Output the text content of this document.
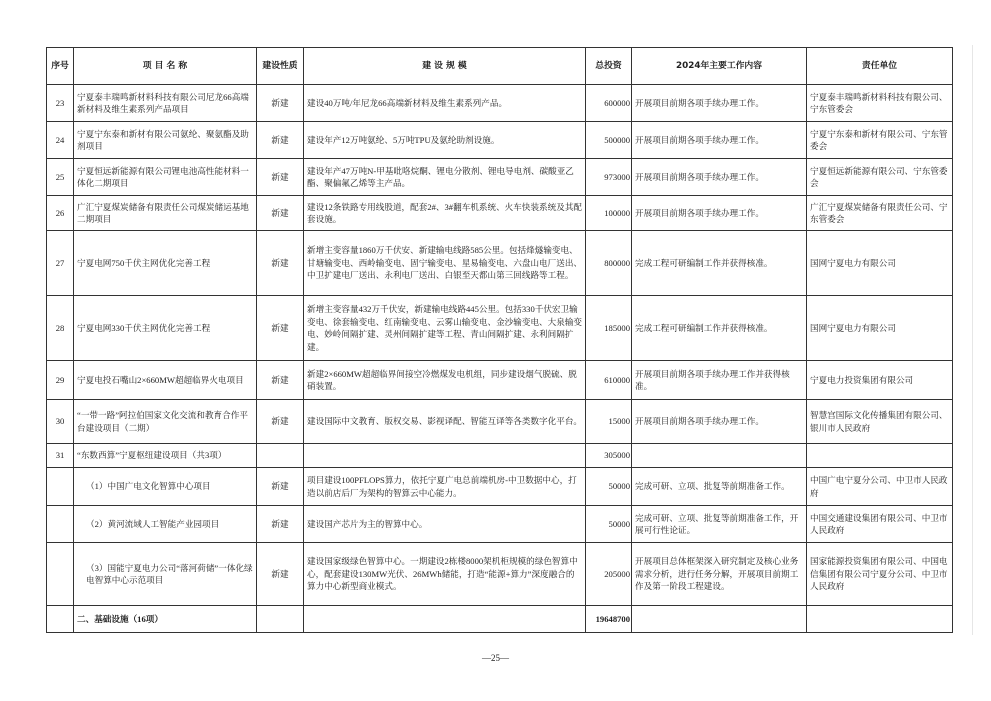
序号	项 目 名 称	建设性质	建 设 规 模	总投资	2024年主要工作内容	责任单位
23	宁夏泰丰瑞鸣新材料科技有限公司尼龙66高端新材料及维生素系列产品项目	新建	建设40万吨/年尼龙66高端新材料及维生素系列产品。	600000	开展项目前期各项手续办理工作。	宁夏泰丰瑞鸣新材料科技有限公司、宁东管委会
24	宁夏宁东泰和新材有限公司氨纶、聚氨酯及助剂项目	新建	建设年产12万吨氨纶、5万吨TPU及氨纶助剂设施。	500000	开展项目前期各项手续办理工作。	宁夏宁东泰和新材有限公司、宁东管委会
25	宁夏恒远新能源有限公司锂电池高性能材料一体化二期项目	新建	建设年产47万吨N-甲基吡咯烷酮、锂电分散剂、锂电导电剂、碳酸亚乙酯、聚偏氟乙烯等主产品。	973000	开展项目前期各项手续办理工作。	宁夏恒远新能源有限公司、宁东管委会
26	广汇宁夏煤炭储备有限责任公司煤炭储运基地二期项目	新建	建设12条铁路专用线股道，配套2#、3#翻车机系统、火车快装系统及其配套设施。	100000	开展项目前期各项手续办理工作。	广汇宁夏煤炭储备有限责任公司、宁东管委会
27	宁夏电网750千伏主网优化完善工程	新建	新增主变容量1860万千伏安、新建输电线路585公里。包括烽燧输变电、甘塘输变电、西岭输变电、固宁输变电、星易输变电、六盘山电厂送出、中卫扩建电厂送出、永利电厂送出、白银至天都山第三回线路等工程。	800000	完成工程可研编制工作并获得核准。	国网宁夏电力有限公司
28	宁夏电网330千伏主网优化完善工程	新建	新增主变容量432万千伏安，新建输电线路445公里。包括330千伏宏卫输变电、徐套输变电、红南输变电、云雾山输变电、金沙输变电、大泉输变电、妙岭间隔扩建、灵州间隔扩建等工程、青山间隔扩建、永利间隔扩建。	185000	完成工程可研编制工作并获得核准。	国网宁夏电力有限公司
29	宁夏电投石嘴山2×660MW超超临界火电项目	新建	新建2×660MW超超临界间接空冷燃煤发电机组，同步建设烟气脱硫、脱硝装置。	610000	开展项目前期各项手续办理工作并获得核准。	宁夏电力投资集团有限公司
30	“一带一路”阿拉伯国家文化交流和教育合作平台建设项目（二期）	新建	建设国际中文教育、版权交易、影视译配、智能互译等各类数字化平台。	15000	开展项目前期各项手续办理工作。	智慧宫国际文化传播集团有限公司、银川市人民政府
31	“东数西算”宁夏枢纽建设项目（共3项）			305000		
	（1）中国广电文化智算中心项目	新建	项目建设100PFLOPS算力，依托宁夏广电总前端机房-中卫数据中心，打造以前店后厂为架构的智算云中心能力。	50000	完成可研、立项、批复等前期准备工作。	中国广电宁夏分公司、中卫市人民政府
	（2）黄河流域人工智能产业园项目	新建	建设国产芯片为主的智算中心。	50000	完成可研、立项、批复等前期准备工作，开展可行性论证。	中国交通建设集团有限公司、中卫市人民政府
	（3）国能宁夏电力公司“落河荷储”一体化绿电智算中心示范项目	新建	建设国家级绿色智算中心。一期建设2栋楼8000架机柜规模的绿色智算中心，配套建设130MW光伏、26MWh储能，打造“能源+算力”深度融合的算力中心新型商业模式。	205000	开展项目总体框架深入研究制定及核心业务需求分析，进行任务分解，开展项目前期工作及第一阶段工程建设。	国家能源投资集团有限公司、中国电信集团有限公司宁夏分公司、中卫市人民政府
	二、基础设施（16项）			19648700		
—25—
